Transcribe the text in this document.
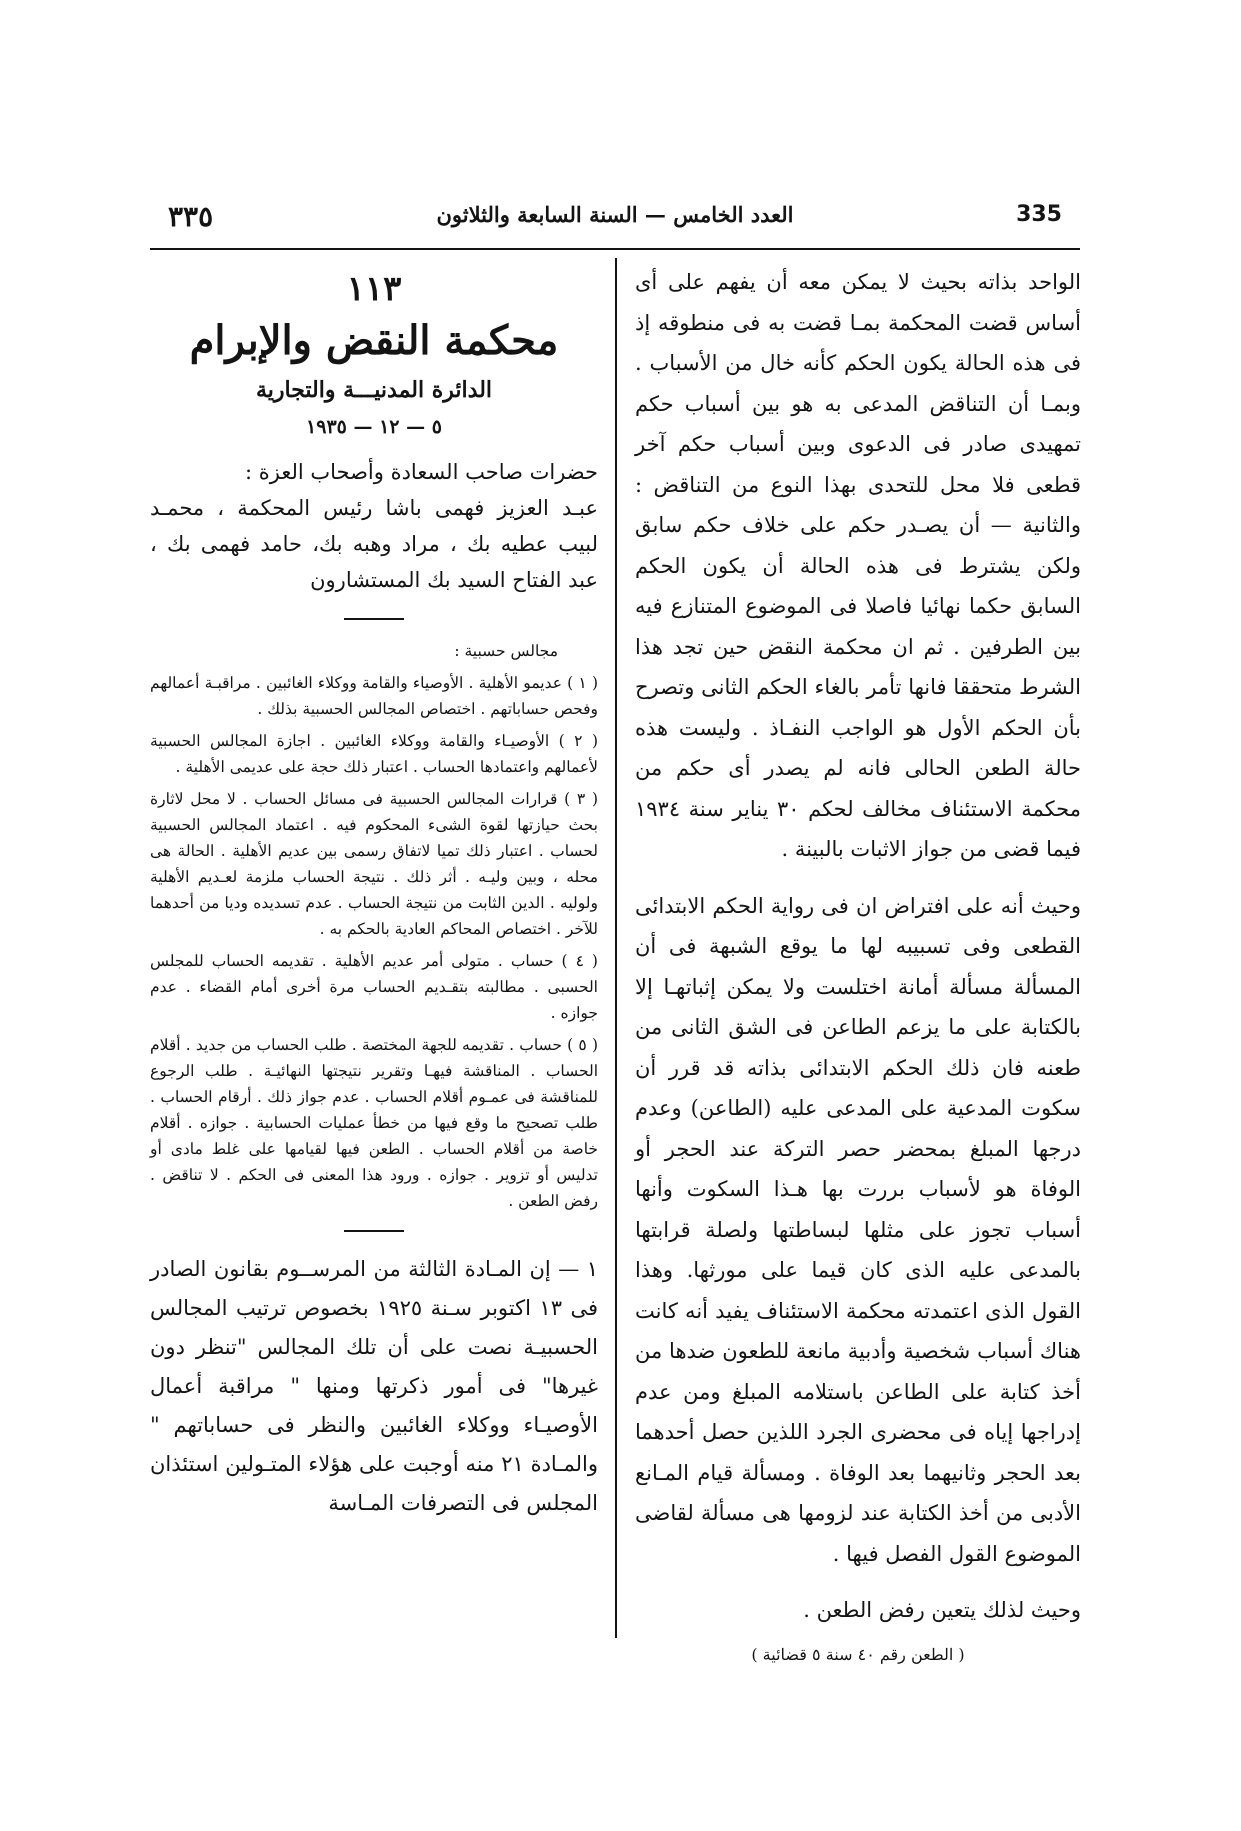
٣٣٥	العدد الخامس — السنة السابعة والثلاثون	335

الواحد بذاته بحيث لا يمكن معه أن يفهم على أى أساس قضت المحكمة بمـا قضت به فى منطوقه إذ فى هذه الحالة يكون الحكم كأنه خال من الأسباب . وبمـا أن التناقض المدعى به هو بين أسباب حكم تمهيدى صادر فى الدعوى وبين أسباب حكم آخر قطعى فلا محل للتحدى بهذا النوع من التناقض : والثانية — أن يصـدر حكم على خلاف حكم سابق ولكن يشترط فى هذه الحالة أن يكون الحكم السابق حكما نهائيا فاصلا فى الموضوع المتنازع فيه بين الطرفين . ثم ان محكمة النقض حين تجد هذا الشرط متحققا فانها تأمر بالغاء الحكم الثانى وتصرح بأن الحكم الأول هو الواجب النفـاذ . وليست هذه حالة الطعن الحالى فانه لم يصدر أى حكم من محكمة الاستئناف مخالف لحكم ٣٠ يناير سنة ١٩٣٤ فيما قضى من جواز الاثبات بالبينة .

وحيث أنه على افتراض ان فى رواية الحكم الابتدائى القطعى وفى تسبيبه لها ما يوقع الشبهة فى أن المسألة مسألة أمانة اختلست ولا يمكن إثباتهـا إلا بالكتابة على ما يزعم الطاعن فى الشق الثانى من طعنه فان ذلك الحكم الابتدائى بذاته قد قرر أن سكوت المدعية على المدعى عليه (الطاعن) وعدم درجها المبلغ بمحضر حصر التركة عند الحجر أو الوفاة هو لأسباب بررت بها هـذا السكوت وأنها أسباب تجوز على مثلها لبساطتها ولصلة قرابتها بالمدعى عليه الذى كان قيما على مورثها. وهذا القول الذى اعتمدته محكمة الاستئناف يفيد أنه كانت هناك أسباب شخصية وأدبية مانعة للطعون ضدها من أخذ كتابة على الطاعن باستلامه المبلغ ومن عدم إدراجها إياه فى محضرى الجرد اللذين حصل أحدهما بعد الحجر وثانيهما بعد الوفاة . ومسألة قيام المـانع الأدبى من أخذ الكتابة عند لزومها هى مسألة لقاضى الموضوع القول الفصل فيها .

وحيث لذلك يتعين رفض الطعن .

( الطعن رقم ٤٠ سنة ٥ قضائية )
١١٣
محكمة النقض والإبرام
الدائرة المدنيـــة والتجارية
٥ — ١٢ — ١٩٣٥

حضرات صاحب السعادة وأصحاب العزة :

عبـد العزيز فهمى باشا رئيس المحكمة ، محمـد لبيب عطيه بك ، مراد وهبه بك، حامد فهمى بك ، عبد الفتاح السيد بك المستشارون

مجالس حسبية :

( ١ ) عديمو الأهلية . الأوصياء والقامة ووكلاء الغائبين . مراقبـة أعمالهم وفحص حساباتهم . اختصاص المجالس الحسبية بذلك .

( ٢ ) الأوصيـاء والقامة ووكلاء الغائبين . اجازة المجالس الحسبية لأعمالهم واعتمادها الحساب . اعتبار ذلك حجة على عديمى الأهلية .

( ٣ ) قرارات المجالس الحسبية فى مسائل الحساب . لا محل لاثارة بحث حيازتها لقوة الشىء المحكوم فيه . اعتماد المجالس الحسبية لحساب . اعتبار ذلك تميا لاتفاق رسمى بين عديم الأهلية . الحالة هى محله ، وبين وليـه . أثر ذلك . نتيجة الحساب ملزمة لعـديم الأهلية ولوليه . الدين الثابت من نتيجة الحساب . عدم تسديده وديا من أحدهما للآخر . اختصاص المحاكم العادية بالحكم به .

( ٤ ) حساب . متولى أمر عديم الأهلية . تقديمه الحساب للمجلس الحسبى . مطالبته بتقـديم الحساب مرة أخرى أمام القضاء . عدم جوازه .

( ٥ ) حساب . تقديمه للجهة المختصة . طلب الحساب من جديد . أقلام الحساب . المناقشة فيهـا وتقرير نتيجتها النهائيـة . طلب الرجوع للمناقشة فى عمـوم أقلام الحساب . عدم جواز ذلك . أرقام الحساب . طلب تصحيح ما وقع فيها من خطأ عمليات الحسابية . جوازه . أقلام خاصة من أقلام الحساب . الطعن فيها لقيامها على غلط مادى أو تدليس أو تزوير . جوازه . ورود هذا المعنى فى الحكم . لا تناقض . رفض الطعن .

١ — إن المـادة الثالثة من المرســوم بقانون الصادر فى ١٣ اكتوبر سـنة ١٩٢٥ بخصوص ترتيب المجالس الحسبيـة نصت على أن تلك المجالس "تنظر دون غيرها" فى أمور ذكرتها ومنها " مراقبة أعمال الأوصيـاء ووكلاء الغائبين والنظر فى حساباتهم " والمـادة ٢١ منه أوجبت على هؤلاء المتـولين استئذان المجلس فى التصرفات المـاسة
